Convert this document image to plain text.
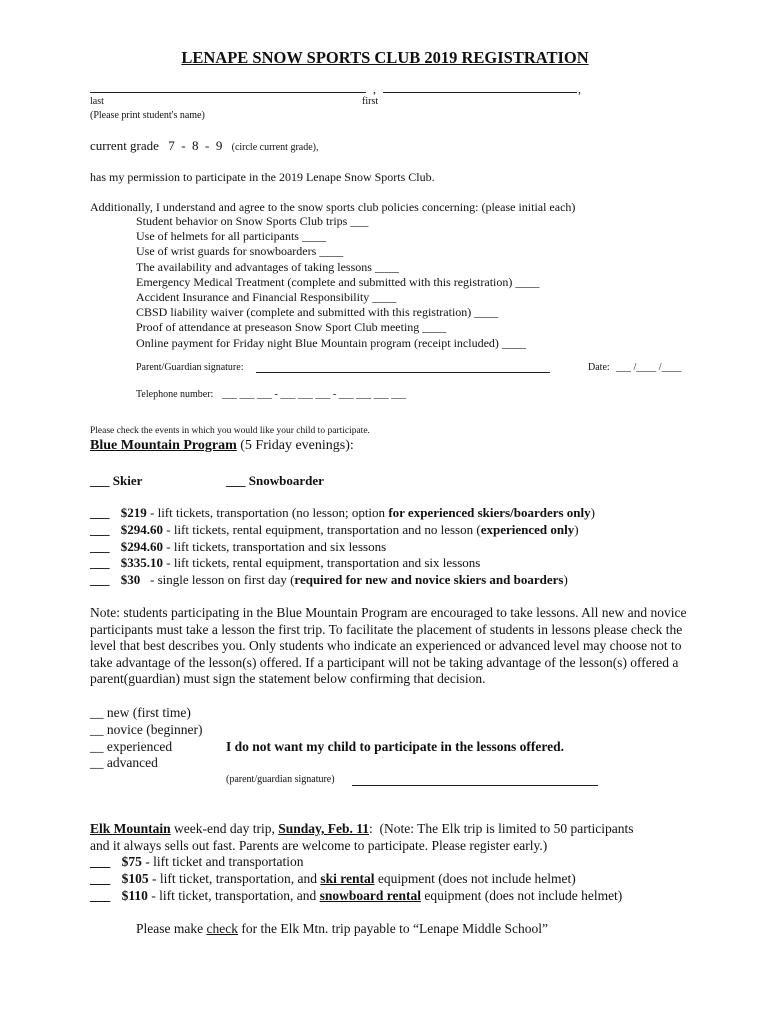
LENAPE SNOW SPORTS CLUB 2019 REGISTRATION
,	,
last	first
(Please print student's name)
current grade 7  -  8  -  9 (circle current grade),
has my permission to participate in the 2019 Lenape Snow Sports Club.
Additionally, I understand and agree to the snow sports club policies concerning: (please initial each)
Student behavior on Snow Sports Club trips ___
Use of helmets for all participants ____
Use of wrist guards for snowboarders ____
The availability and advantages of taking lessons ____
Emergency Medical Treatment (complete and submitted with this registration) ____
Accident Insurance and Financial Responsibility ____
CBSD liability waiver (complete and submitted with this registration) ____
Proof of attendance at preseason Snow Sport Club meeting ____
Online payment for Friday night Blue Mountain program (receipt included) ____
Parent/Guardian signature:	Date: ___ /____ /____
Telephone number: ___ ___ ___ - ___ ___ ___ - ___ ___ ___ ___
Please check the events in which you would like your child to participate.
Blue Mountain Program (5 Friday evenings):
___ Skier	___ Snowboarder
___ $219 - lift tickets, transportation (no lesson; option for experienced skiers/boarders only)
___ $294.60 - lift tickets, rental equipment, transportation and no lesson (experienced only)
___ $294.60 - lift tickets, transportation and six lessons
___ $335.10 - lift tickets, rental equipment, transportation and six lessons
___ $30   - single lesson on first day (required for new and novice skiers and boarders)
Note: students participating in the Blue Mountain Program are encouraged to take lessons. All new and novice participants must take a lesson the first trip. To facilitate the placement of students in lessons please check the level that best describes you. Only students who indicate an experienced or advanced level may choose not to take advantage of the lesson(s) offered. If a participant will not be taking advantage of the lesson(s) offered a parent(guardian) must sign the statement below confirming that decision.
__ new (first time)
__ novice (beginner)
__ experienced
__ advanced
I do not want my child to participate in the lessons offered.
(parent/guardian signature)
Elk Mountain week-end day trip, Sunday, Feb. 11:  (Note: The Elk trip is limited to 50 participants
and it always sells out fast. Parents are welcome to participate. Please register early.)
___ $75 - lift ticket and transportation
___ $105 - lift ticket, transportation, and ski rental equipment (does not include helmet)
___ $110 - lift ticket, transportation, and snowboard rental equipment (does not include helmet)
Please make check for the Elk Mtn. trip payable to “Lenape Middle School”
